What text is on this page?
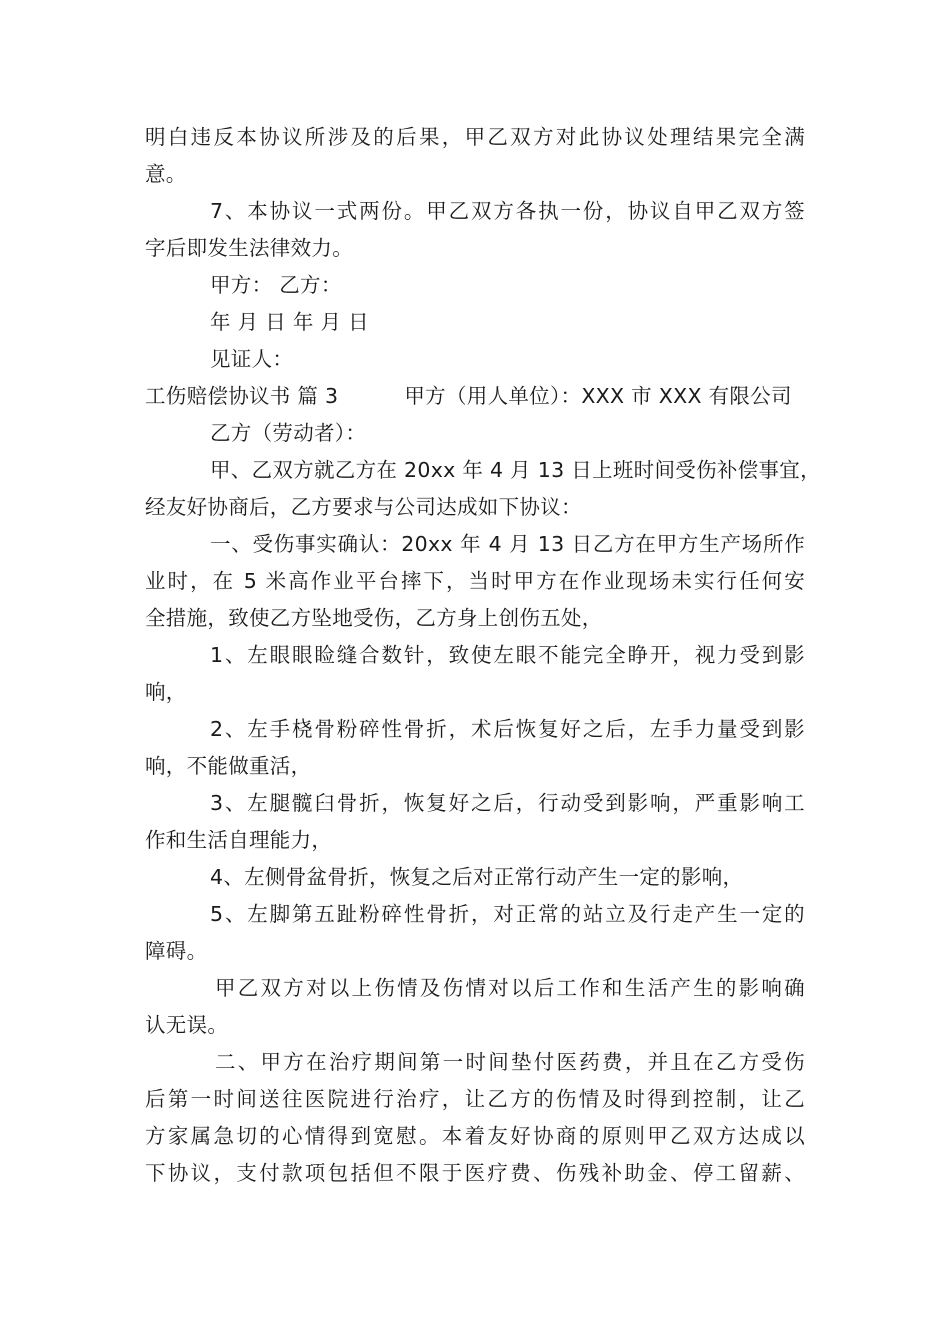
明白违反本协议所涉及的后果，甲乙双方对此协议处理结果完全满
意。
7、本协议一式两份。甲乙双方各执一份，协议自甲乙双方签
字后即发生法律效力。
甲方： 乙方：
年 月 日 年 月 日
见证人：
工伤赔偿协议书 篇 3	甲方（用人单位）：XXX 市 XXX 有限公司
乙方（劳动者）：
甲、乙双方就乙方在 20xx 年 4 月 13 日上班时间受伤补偿事宜，
经友好协商后，乙方要求与公司达成如下协议：
一、受伤事实确认：20xx 年 4 月 13 日乙方在甲方生产场所作
业时，在 5 米高作业平台摔下，当时甲方在作业现场未实行任何安
全措施，致使乙方坠地受伤，乙方身上创伤五处，
1、左眼眼睑缝合数针，致使左眼不能完全睁开，视力受到影
响，
2、左手桡骨粉碎性骨折，术后恢复好之后，左手力量受到影
响，不能做重活，
3、左腿髋臼骨折，恢复好之后，行动受到影响，严重影响工
作和生活自理能力，
4、左侧骨盆骨折，恢复之后对正常行动产生一定的影响，
5、左脚第五趾粉碎性骨折，对正常的站立及行走产生一定的
障碍。
甲乙双方对以上伤情及伤情对以后工作和生活产生的影响确
认无误。
二、甲方在治疗期间第一时间垫付医药费，并且在乙方受伤
后第一时间送往医院进行治疗，让乙方的伤情及时得到控制，让乙
方家属急切的心情得到宽慰。本着友好协商的原则甲乙双方达成以
下协议，支付款项包括但不限于医疗费、伤残补助金、停工留薪、
